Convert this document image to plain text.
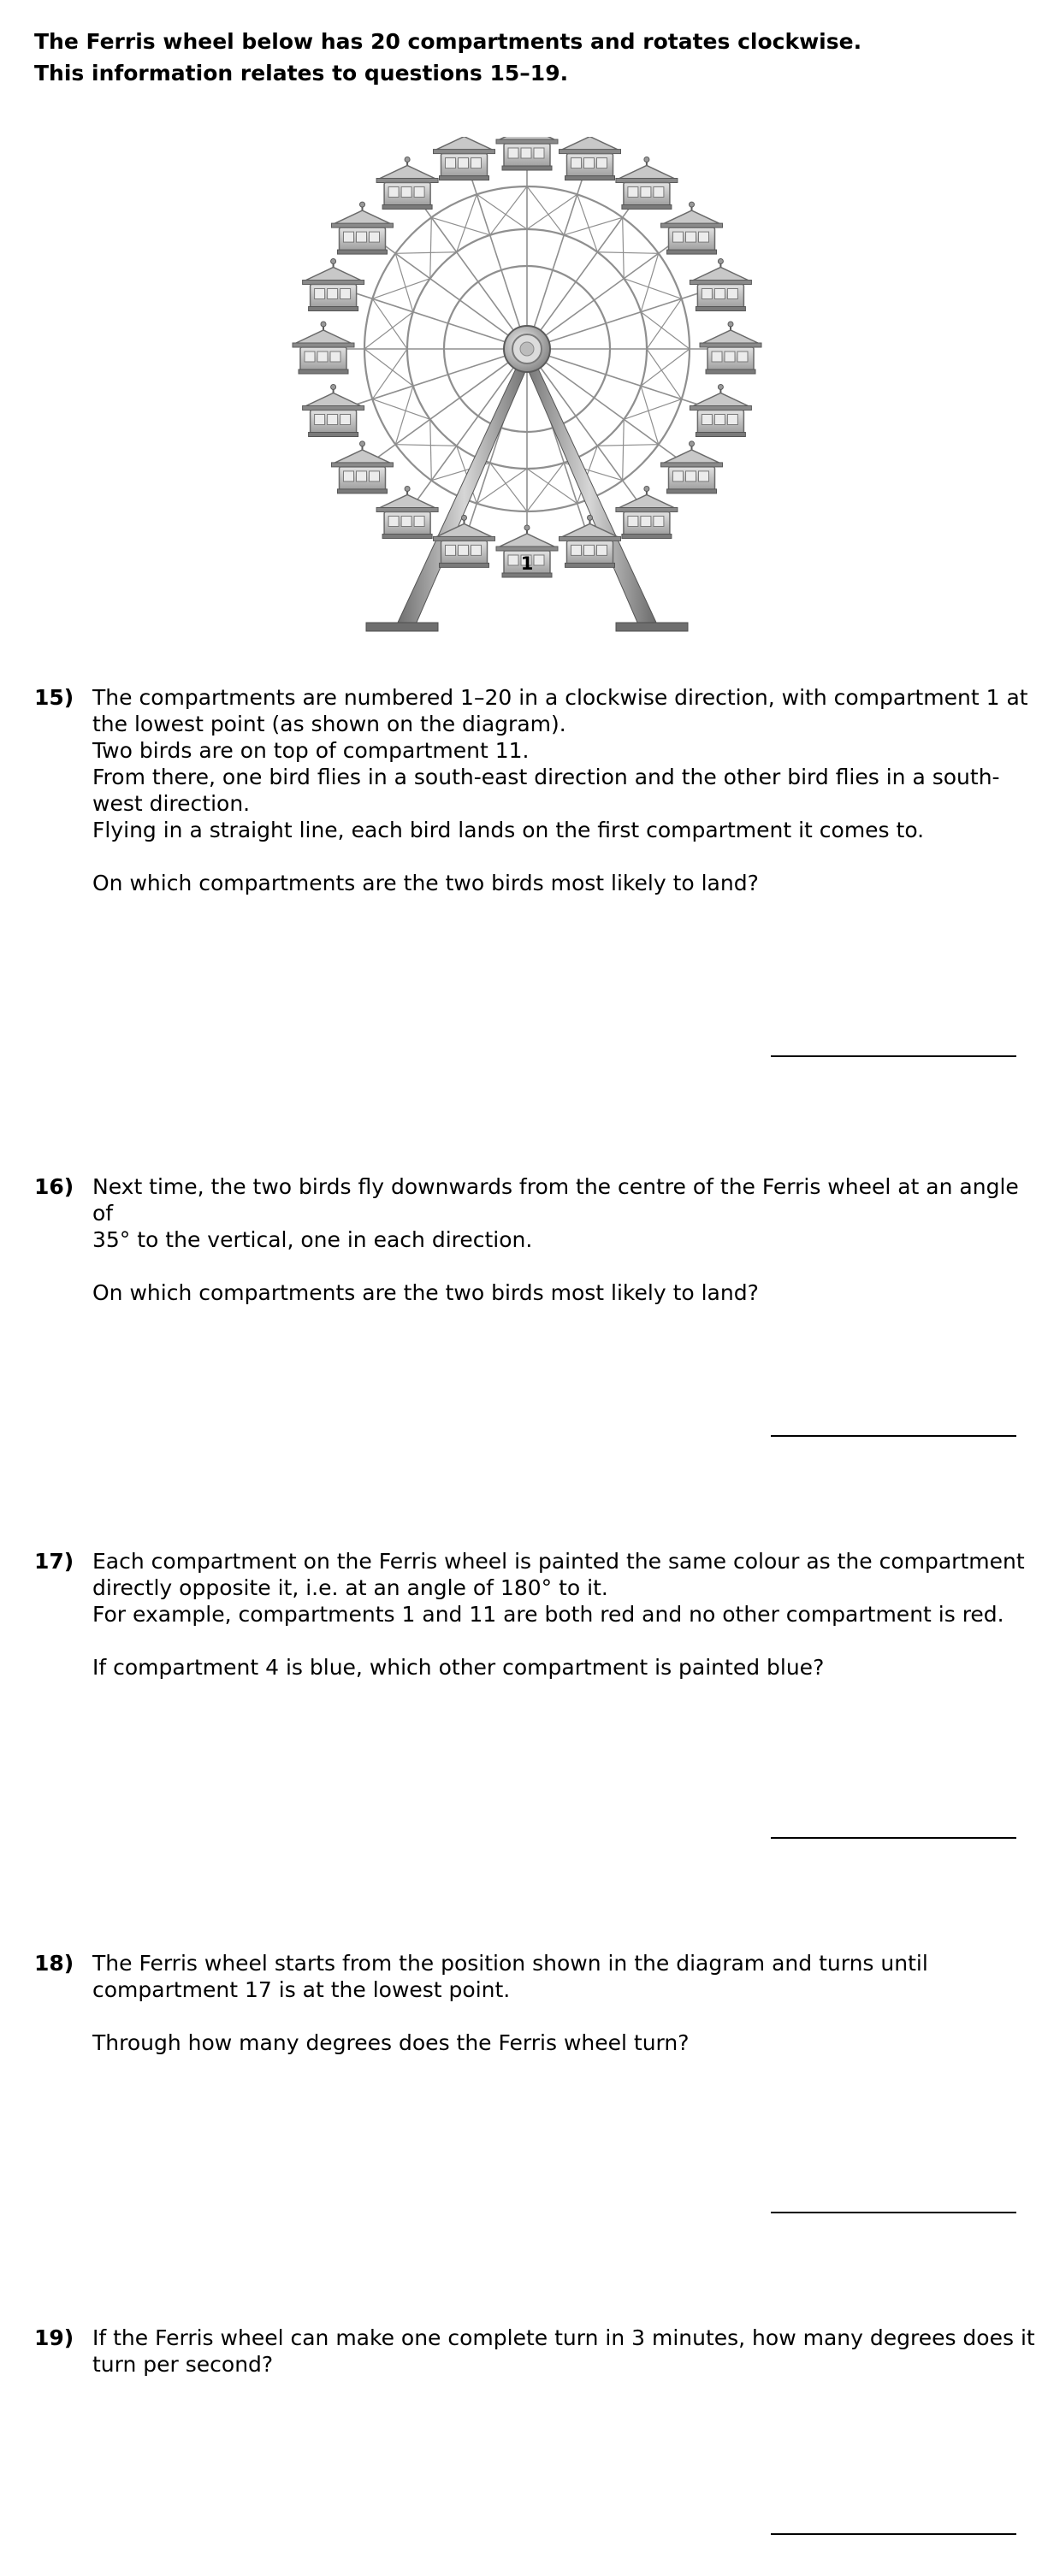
The Ferris wheel below has 20 compartments and rotates clockwise.
This information relates to questions 15–19.
1
15) The compartments are numbered 1–20 in a clockwise direction, with compartment 1 at
the lowest point (as shown on the diagram).
Two birds are on top of compartment 11.
From there, one bird flies in a south-east direction and the other bird flies in a south-
west direction.
Flying in a straight line, each bird lands on the first compartment it comes to.
On which compartments are the two birds most likely to land?
16) Next time, the two birds fly downwards from the centre of the Ferris wheel at an angle of
35° to the vertical, one in each direction.
On which compartments are the two birds most likely to land?
17) Each compartment on the Ferris wheel is painted the same colour as the compartment
directly opposite it, i.e. at an angle of 180° to it.
For example, compartments 1 and 11 are both red and no other compartment is red.
If compartment 4 is blue, which other compartment is painted blue?
18) The Ferris wheel starts from the position shown in the diagram and turns until
compartment 17 is at the lowest point.
Through how many degrees does the Ferris wheel turn?
19) If the Ferris wheel can make one complete turn in 3 minutes, how many degrees does it
turn per second?
